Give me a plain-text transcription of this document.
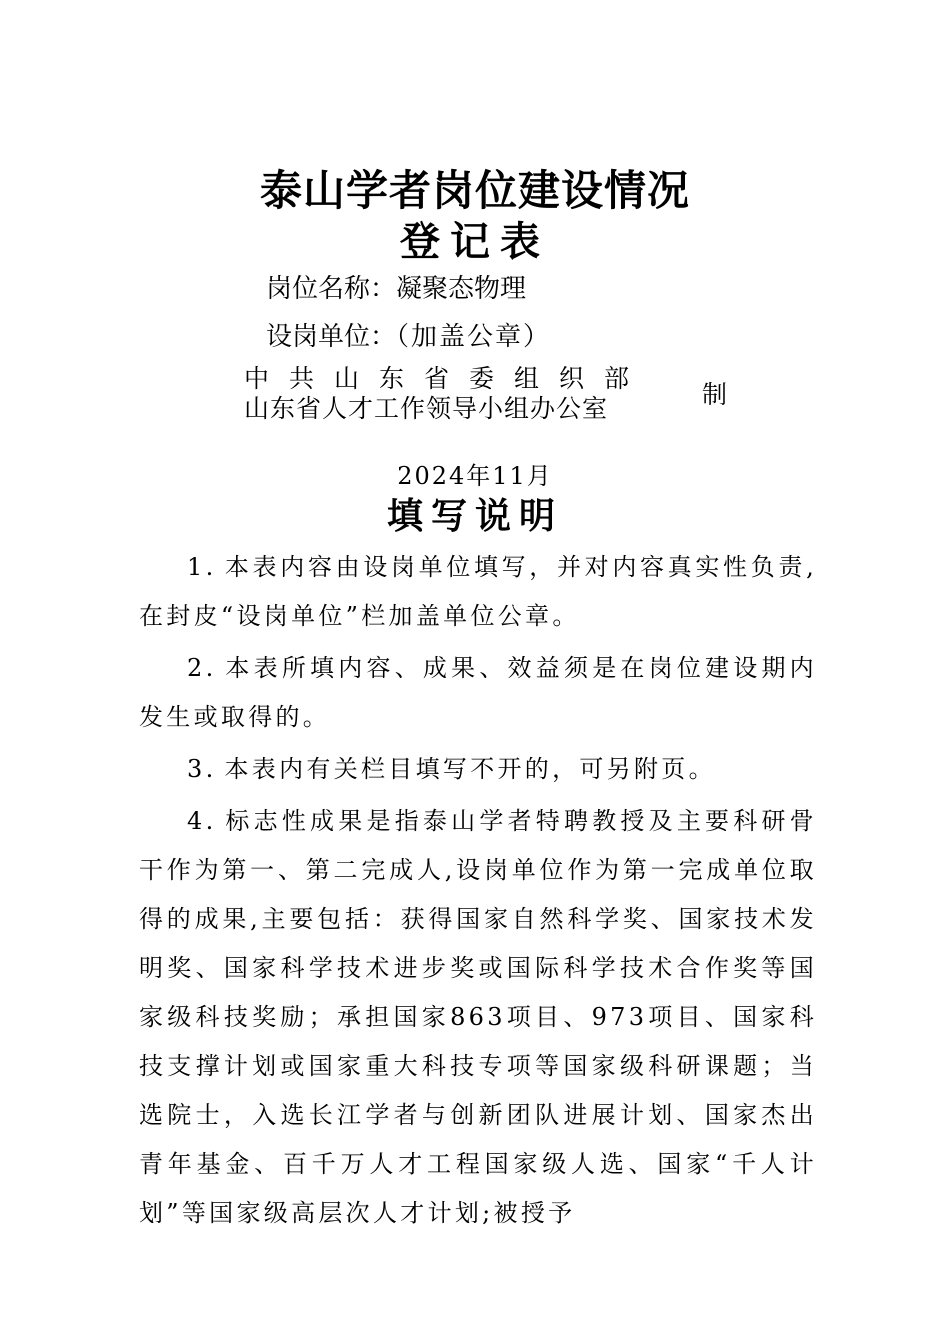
泰山学者岗位建设情况
登记表
岗位名称：凝聚态物理
设岗单位：（加盖公章）
中共山东省委组织部
山东省人才工作领导小组办公室	制
2024年11月
填写说明

1. 本表内容由设岗单位填写，并对内容真实性负责,在封皮“设岗单位”栏加盖单位公章。

2. 本表所填内容、成果、效益须是在岗位建设期内发生或取得的。

3. 本表内有关栏目填写不开的，可另附页。

4. 标志性成果是指泰山学者特聘教授及主要科研骨干作为第一、第二完成人,设岗单位作为第一完成单位取得的成果,主要包括：获得国家自然科学奖、国家技术发明奖、国家科学技术进步奖或国际科学技术合作奖等国家级科技奖励；承担国家863项目、973项目、国家科技支撑计划或国家重大科技专项等国家级科研课题；当选院士，入选长江学者与创新团队进展计划、国家杰出青年基金、百千万人才工程国家级人选、国家“千人计划”等国家级高层次人才计划;被授予
